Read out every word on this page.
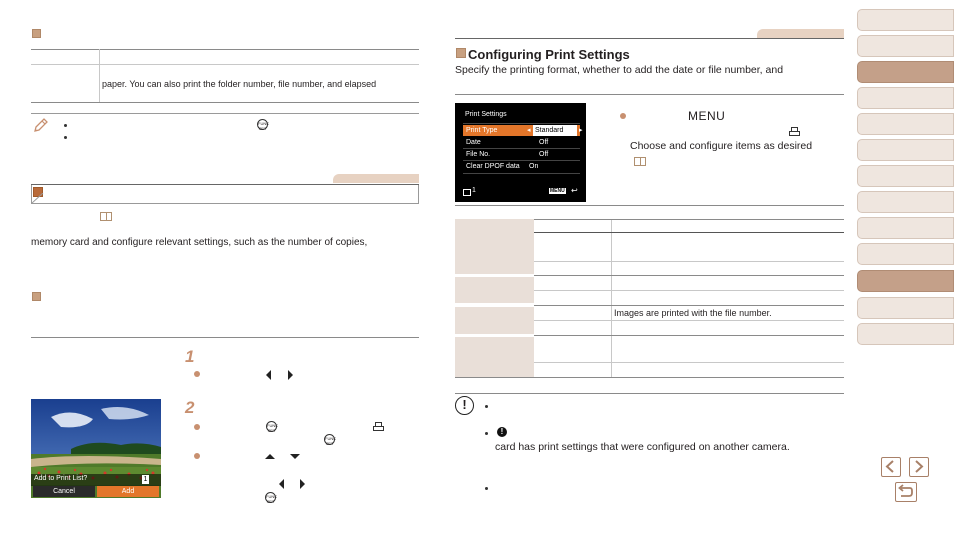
paper. You can also print the folder number, file number, and elapsed
FUNC
SET
memory card and configure relevant settings, such as the number of copies,
1
Add to Print List?	1
Cancel	Add
2
FUNC
SET
FUNC
SET
FUNC
SET
Configuring Print Settings
Specify the printing format, whether to add the date or file number, and
Print Settings
Print Type	◂ Standard	▸
Date	Off
File No.	Off
Clear DPOF data On
1	MENU ↩
MENU
Choose and configure items as desired
Images are printed with the file number.
!
!
card has print settings that were configured on another camera.
